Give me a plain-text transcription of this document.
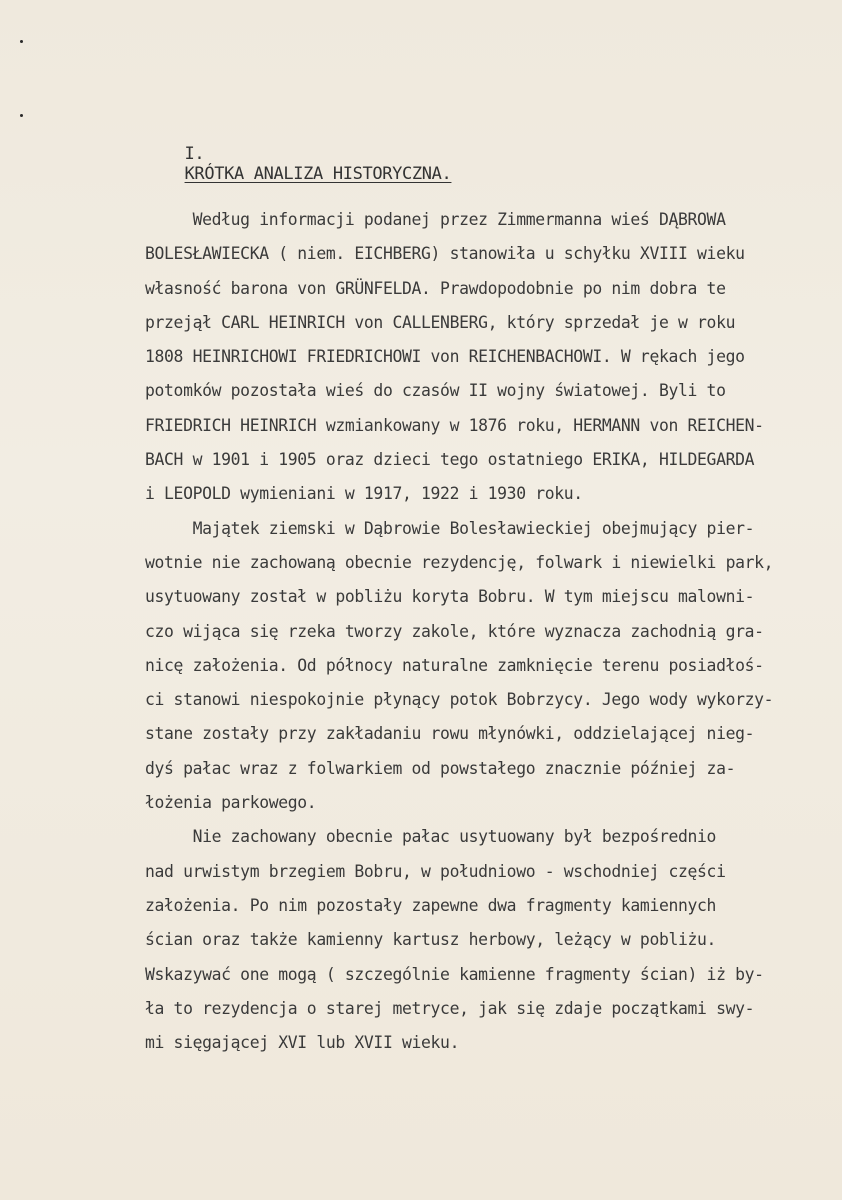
I.
KRÓTKA ANALIZA HISTORYCZNA.

Według informacji podanej przez Zimmermanna wieś DĄBROWA
BOLESŁAWIECKA ( niem. EICHBERG) stanowiła u schyłku XVIII wieku
własność barona von GRÜNFELDA. Prawdopodobnie po nim dobra te
przejął CARL HEINRICH von CALLENBERG, który sprzedał je w roku
1808 HEINRICHOWI FRIEDRICHOWI von REICHENBACHOWI. W rękach jego
potomków pozostała wieś do czasów II wojny światowej. Byli to
FRIEDRICH HEINRICH wzmiankowany w 1876 roku, HERMANN von REICHEN-
BACH w 1901 i 1905 oraz dzieci tego ostatniego ERIKA, HILDEGARDA
i LEOPOLD wymieniani w 1917, 1922 i 1930 roku.
Majątek ziemski w Dąbrowie Bolesławieckiej obejmujący pier-
wotnie nie zachowaną obecnie rezydencję, folwark i niewielki park,
usytuowany został w pobliżu koryta Bobru. W tym miejscu malowni-
czo wijąca się rzeka tworzy zakole, które wyznacza zachodnią gra-
nicę założenia. Od północy naturalne zamknięcie terenu posiadłoś-
ci stanowi niespokojnie płynący potok Bobrzycy. Jego wody wykorzy-
stane zostały przy zakładaniu rowu młynówki, oddzielającej nieg-
dyś pałac wraz z folwarkiem od powstałego znacznie później za-
łożenia parkowego.
Nie zachowany obecnie pałac usytuowany był bezpośrednio
nad urwistym brzegiem Bobru, w południowo - wschodniej części
założenia. Po nim pozostały zapewne dwa fragmenty kamiennych
ścian oraz także kamienny kartusz herbowy, leżący w pobliżu.
Wskazywać one mogą ( szczególnie kamienne fragmenty ścian) iż by-
ła to rezydencja o starej metryce, jak się zdaje początkami swy-
mi sięgającej XVI lub XVII wieku.
